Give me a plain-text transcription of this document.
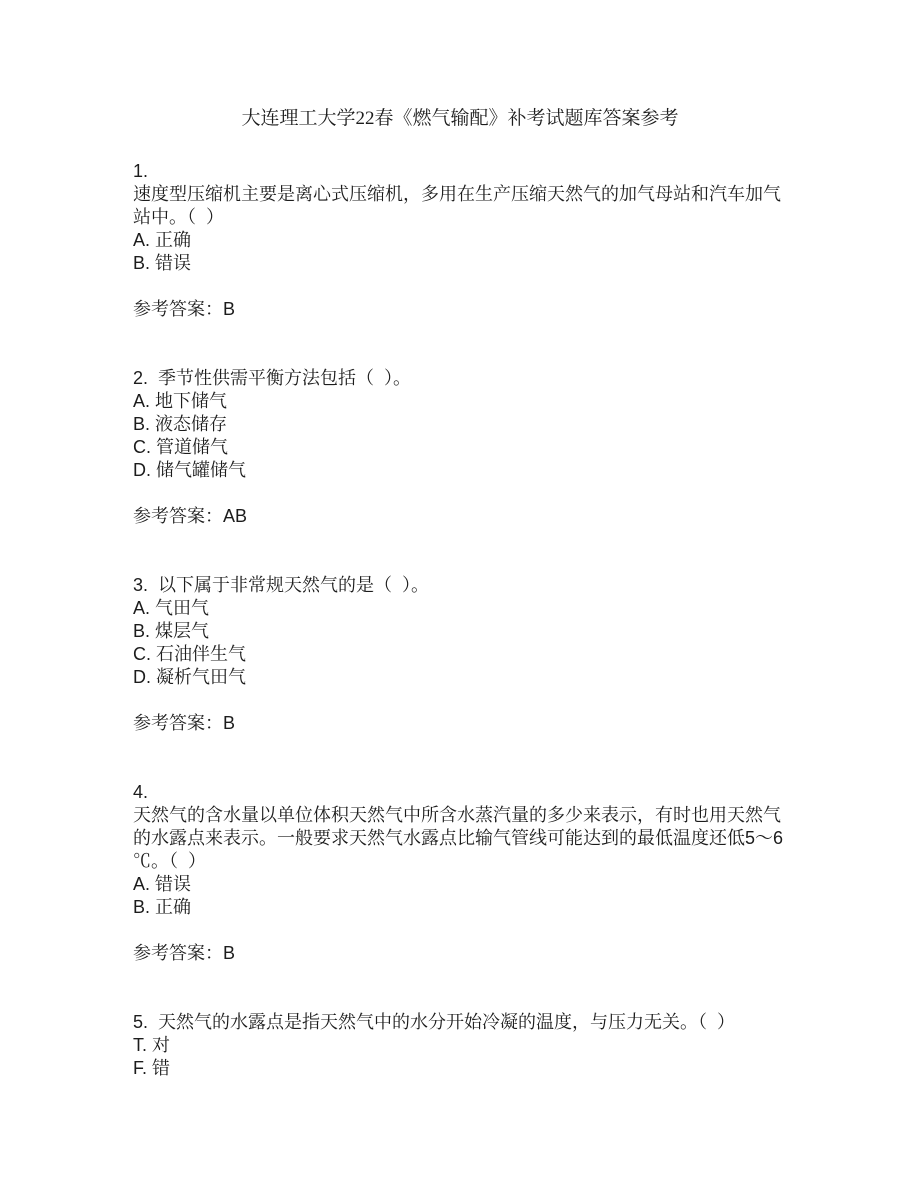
大连理工大学22春《燃气输配》补考试题库答案参考
1.
速度型压缩机主要是离心式压缩机，多用在生产压缩天然气的加气母站和汽车加气
站中。（  ）
A. 正确
B. 错误
参考答案：B
2.  季节性供需平衡方法包括（  ）。
A. 地下储气
B. 液态储存
C. 管道储气
D. 储气罐储气
参考答案：AB
3.  以下属于非常规天然气的是（  ）。
A. 气田气
B. 煤层气
C. 石油伴生气
D. 凝析气田气
参考答案：B
4.
天然气的含水量以单位体积天然气中所含水蒸汽量的多少来表示，有时也用天然气
的水露点来表示。一般要求天然气水露点比输气管线可能达到的最低温度还低5～6
℃。（  ）
A. 错误
B. 正确
参考答案：B
5.  天然气的水露点是指天然气中的水分开始冷凝的温度，与压力无关。（  ）
T. 对
F. 错
